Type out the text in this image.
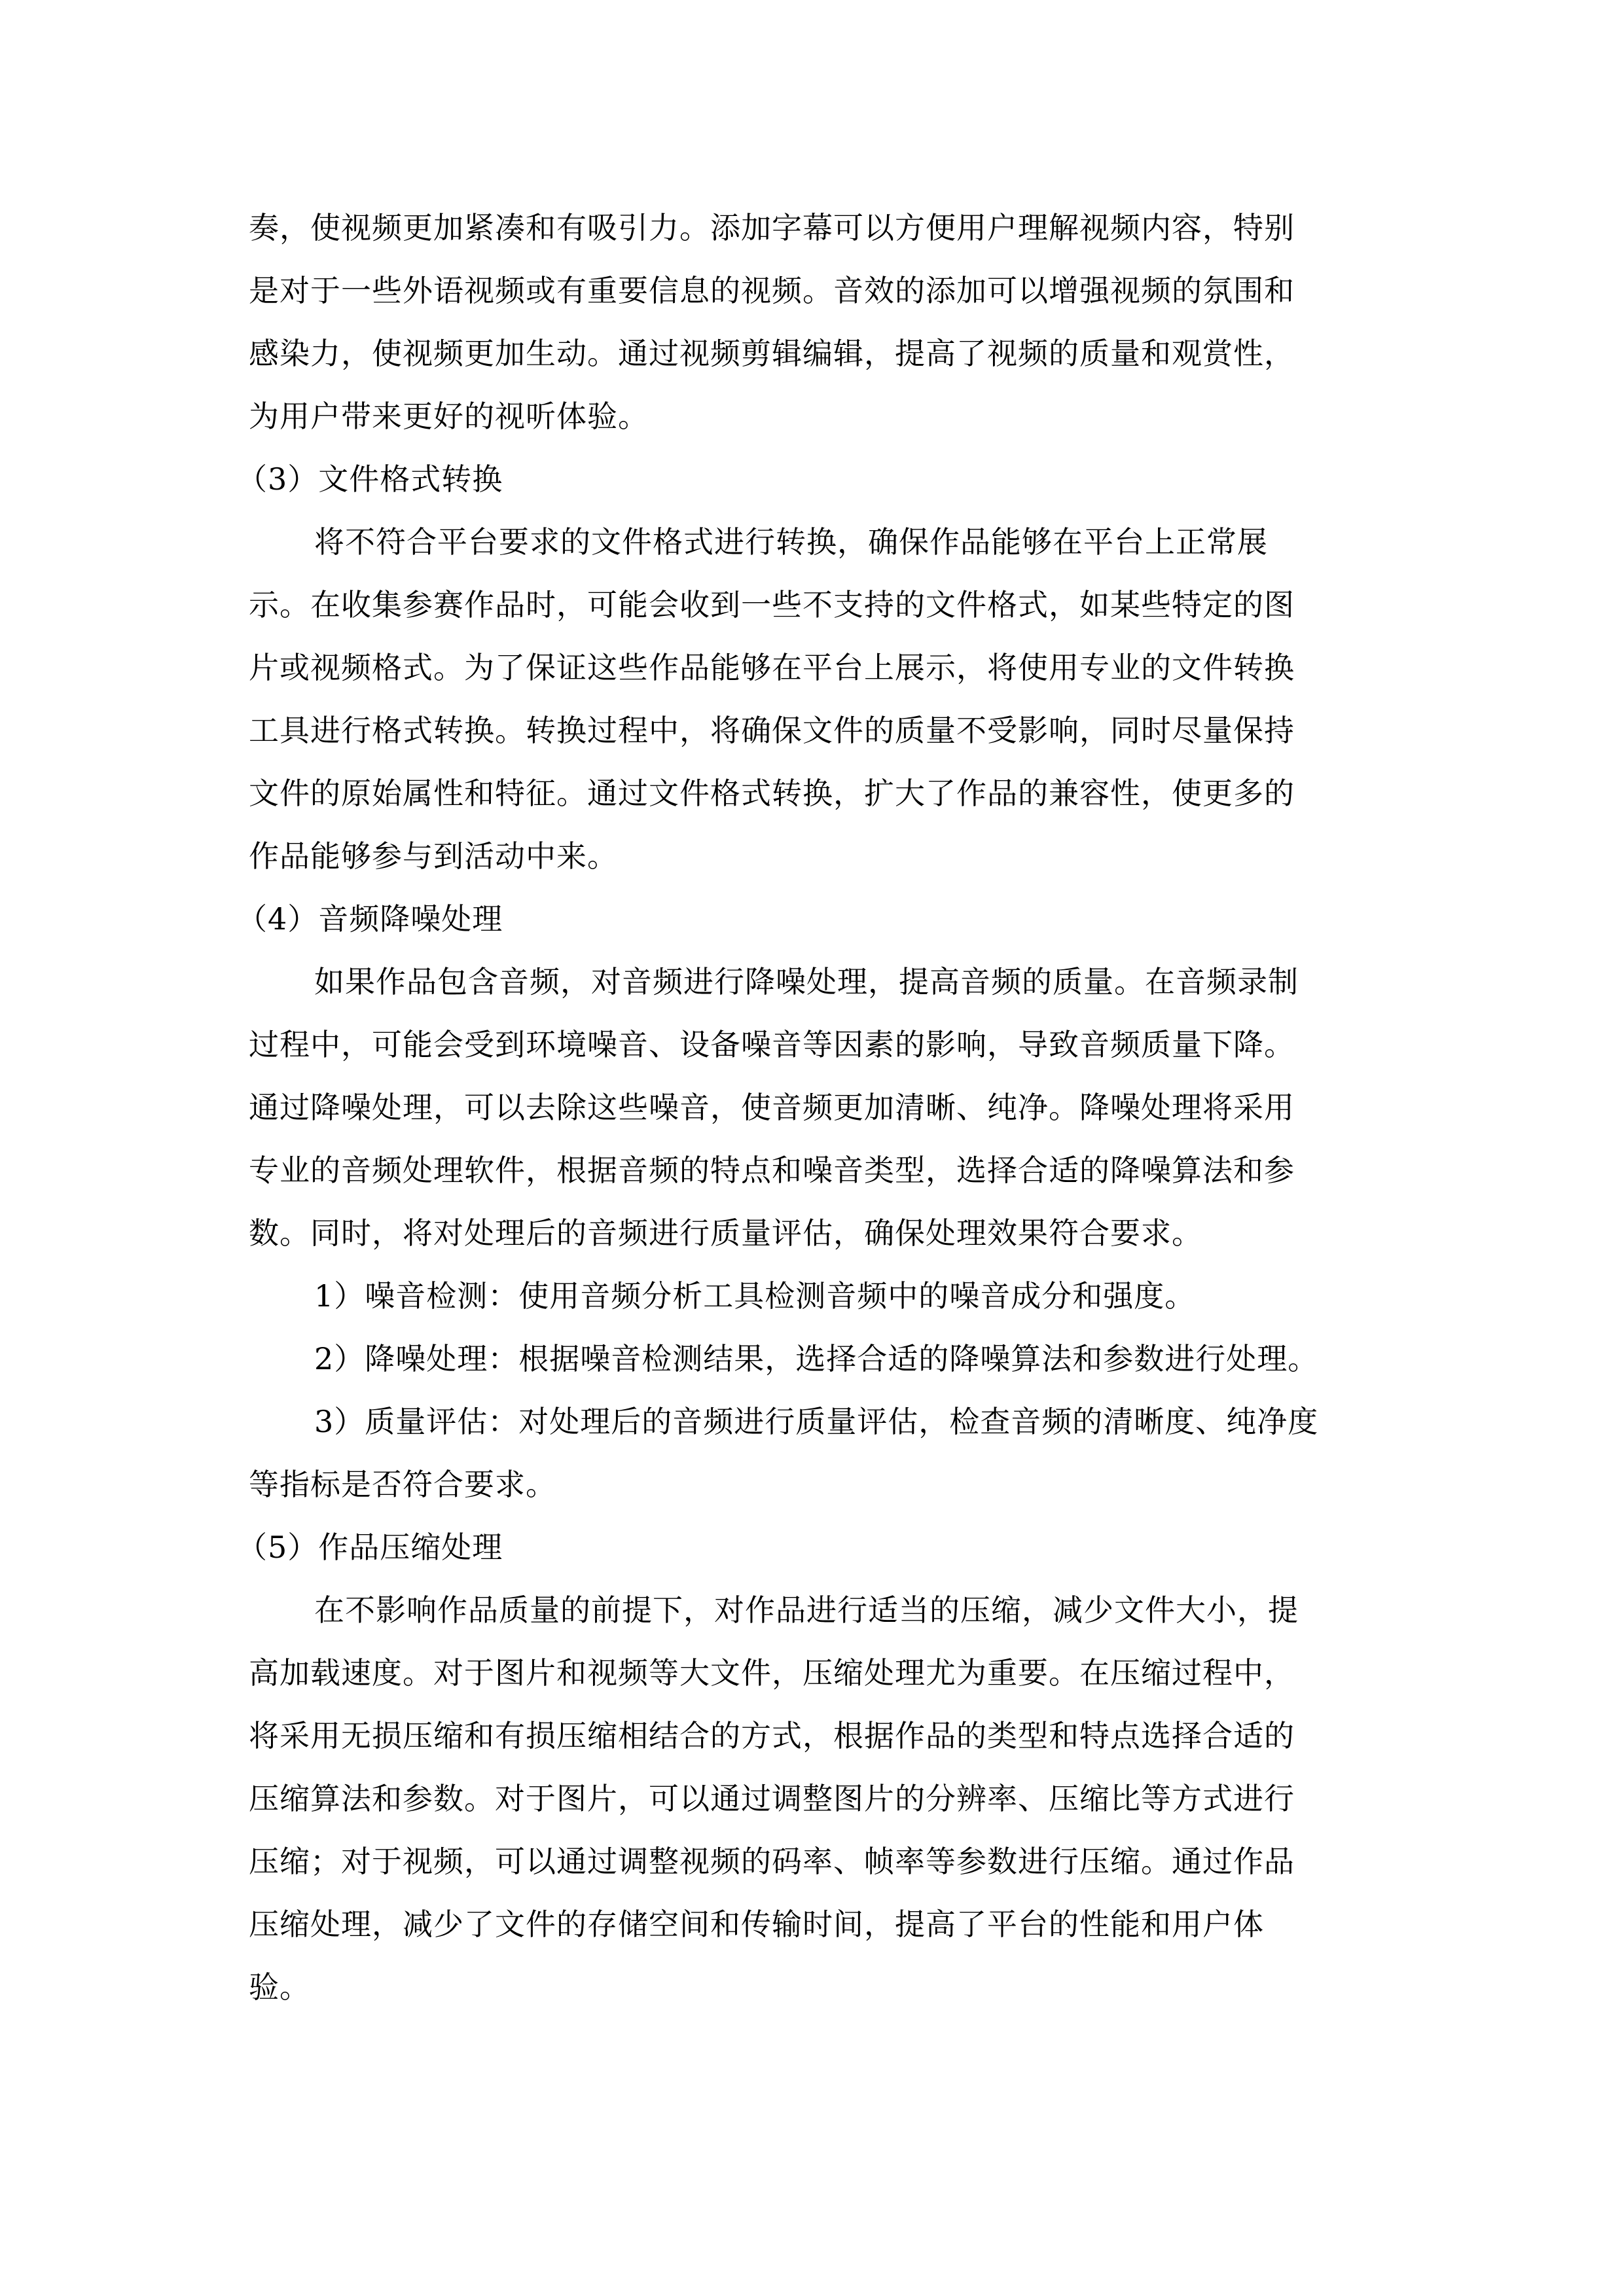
奏，使视频更加紧凑和有吸引力。添加字幕可以方便用户理解视频内容，特别
是对于一些外语视频或有重要信息的视频。音效的添加可以增强视频的氛围和
感染力，使视频更加生动。通过视频剪辑编辑，提高了视频的质量和观赏性，
为用户带来更好的视听体验。
（3）文件格式转换
将不符合平台要求的文件格式进行转换，确保作品能够在平台上正常展
示。在收集参赛作品时，可能会收到一些不支持的文件格式，如某些特定的图
片或视频格式。为了保证这些作品能够在平台上展示，将使用专业的文件转换
工具进行格式转换。转换过程中，将确保文件的质量不受影响，同时尽量保持
文件的原始属性和特征。通过文件格式转换，扩大了作品的兼容性，使更多的
作品能够参与到活动中来。
（4）音频降噪处理
如果作品包含音频，对音频进行降噪处理，提高音频的质量。在音频录制
过程中，可能会受到环境噪音、设备噪音等因素的影响，导致音频质量下降。
通过降噪处理，可以去除这些噪音，使音频更加清晰、纯净。降噪处理将采用
专业的音频处理软件，根据音频的特点和噪音类型，选择合适的降噪算法和参
数。同时，将对处理后的音频进行质量评估，确保处理效果符合要求。
1）噪音检测：使用音频分析工具检测音频中的噪音成分和强度。
2）降噪处理：根据噪音检测结果，选择合适的降噪算法和参数进行处理。
3）质量评估：对处理后的音频进行质量评估，检查音频的清晰度、纯净度
等指标是否符合要求。
（5）作品压缩处理
在不影响作品质量的前提下，对作品进行适当的压缩，减少文件大小，提
高加载速度。对于图片和视频等大文件，压缩处理尤为重要。在压缩过程中，
将采用无损压缩和有损压缩相结合的方式，根据作品的类型和特点选择合适的
压缩算法和参数。对于图片，可以通过调整图片的分辨率、压缩比等方式进行
压缩；对于视频，可以通过调整视频的码率、帧率等参数进行压缩。通过作品
压缩处理，减少了文件的存储空间和传输时间，提高了平台的性能和用户体
验。
